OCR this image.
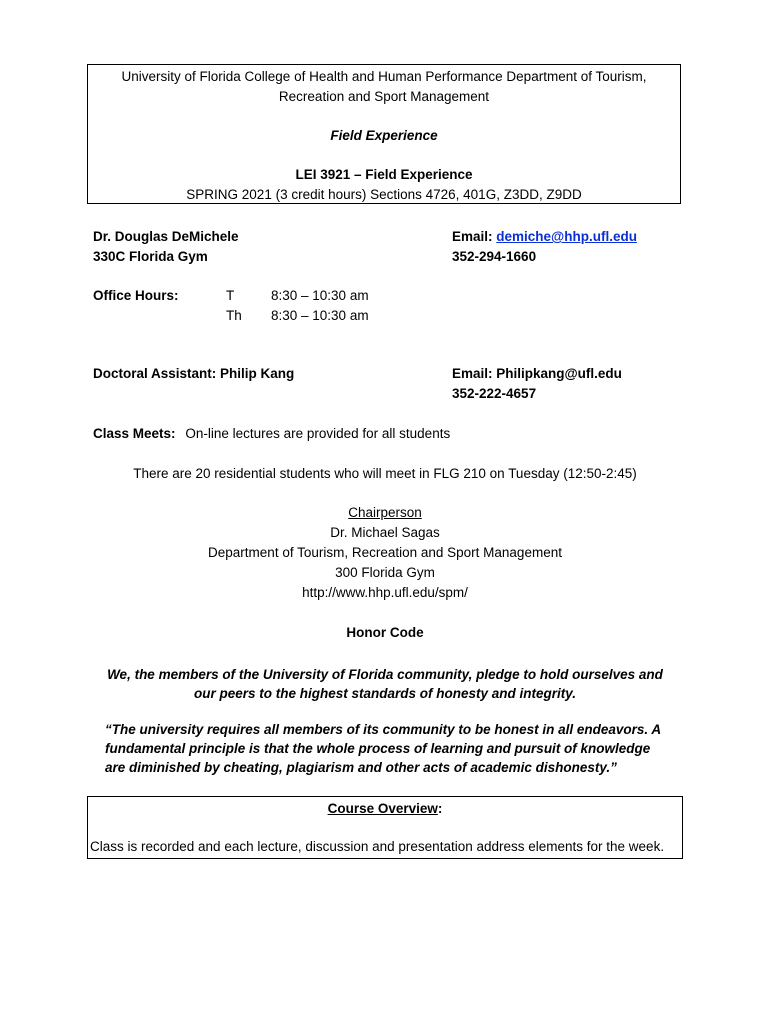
University of Florida College of Health and Human Performance Department of Tourism,
Recreation and Sport Management
Field Experience
LEI 3921 – Field Experience
SPRING 2021 (3 credit hours) Sections 4726, 401G, Z3DD, Z9DD
Dr. Douglas DeMichele
330C Florida Gym
Email: demiche@hhp.ufl.edu
352-294-1660
Office Hours:	T	8:30 – 10:30 am
Th 8:30 – 10:30 am
Doctoral Assistant: Philip Kang	Email: Philipkang@ufl.edu
352-222-4657
Class Meets: On-line lectures are provided for all students
There are 20 residential students who will meet in FLG 210 on Tuesday (12:50-2:45)
Chairperson
Dr. Michael Sagas
Department of Tourism, Recreation and Sport Management
300 Florida Gym
http://www.hhp.ufl.edu/spm/
Honor Code
We, the members of the University of Florida community, pledge to hold ourselves and our peers to the highest standards of honesty and integrity.
“The university requires all members of its community to be honest in all endeavors. A fundamental principle is that the whole process of learning and pursuit of knowledge are diminished by cheating, plagiarism and other acts of academic dishonesty.”
Course Overview:
Class is recorded and each lecture, discussion and presentation address elements for the week.
